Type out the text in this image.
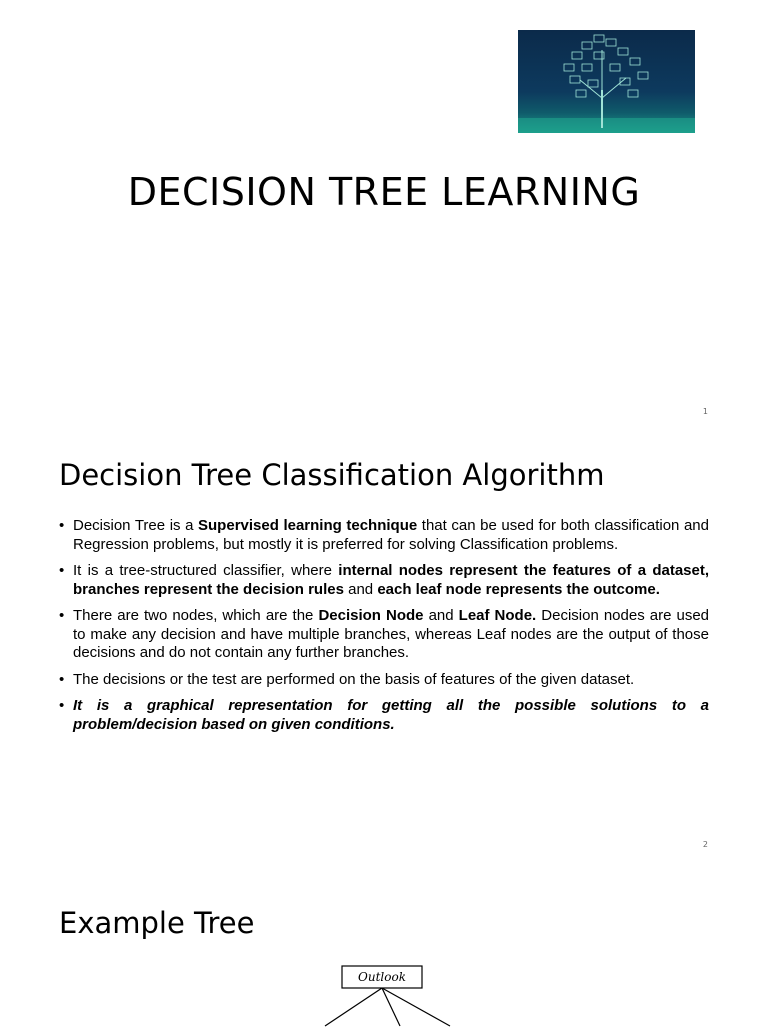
DECISION TREE LEARNING
1
Decision Tree Classification Algorithm
• Decision Tree is a Supervised learning technique that can be used for both classification and Regression problems, but mostly it is preferred for solving Classification problems.
• It is a tree-structured classifier, where internal nodes represent the features of a dataset, branches represent the decision rules and each leaf node represents the outcome.
• There are two nodes, which are the Decision Node and Leaf Node. Decision nodes are used to make any decision and have multiple branches, whereas Leaf nodes are the output of those decisions and do not contain any further branches.
• The decisions or the test are performed on the basis of features of the given dataset.
• It is a graphical representation for getting all the possible solutions to a problem/decision based on given conditions.
2
Example Tree
Outlook
